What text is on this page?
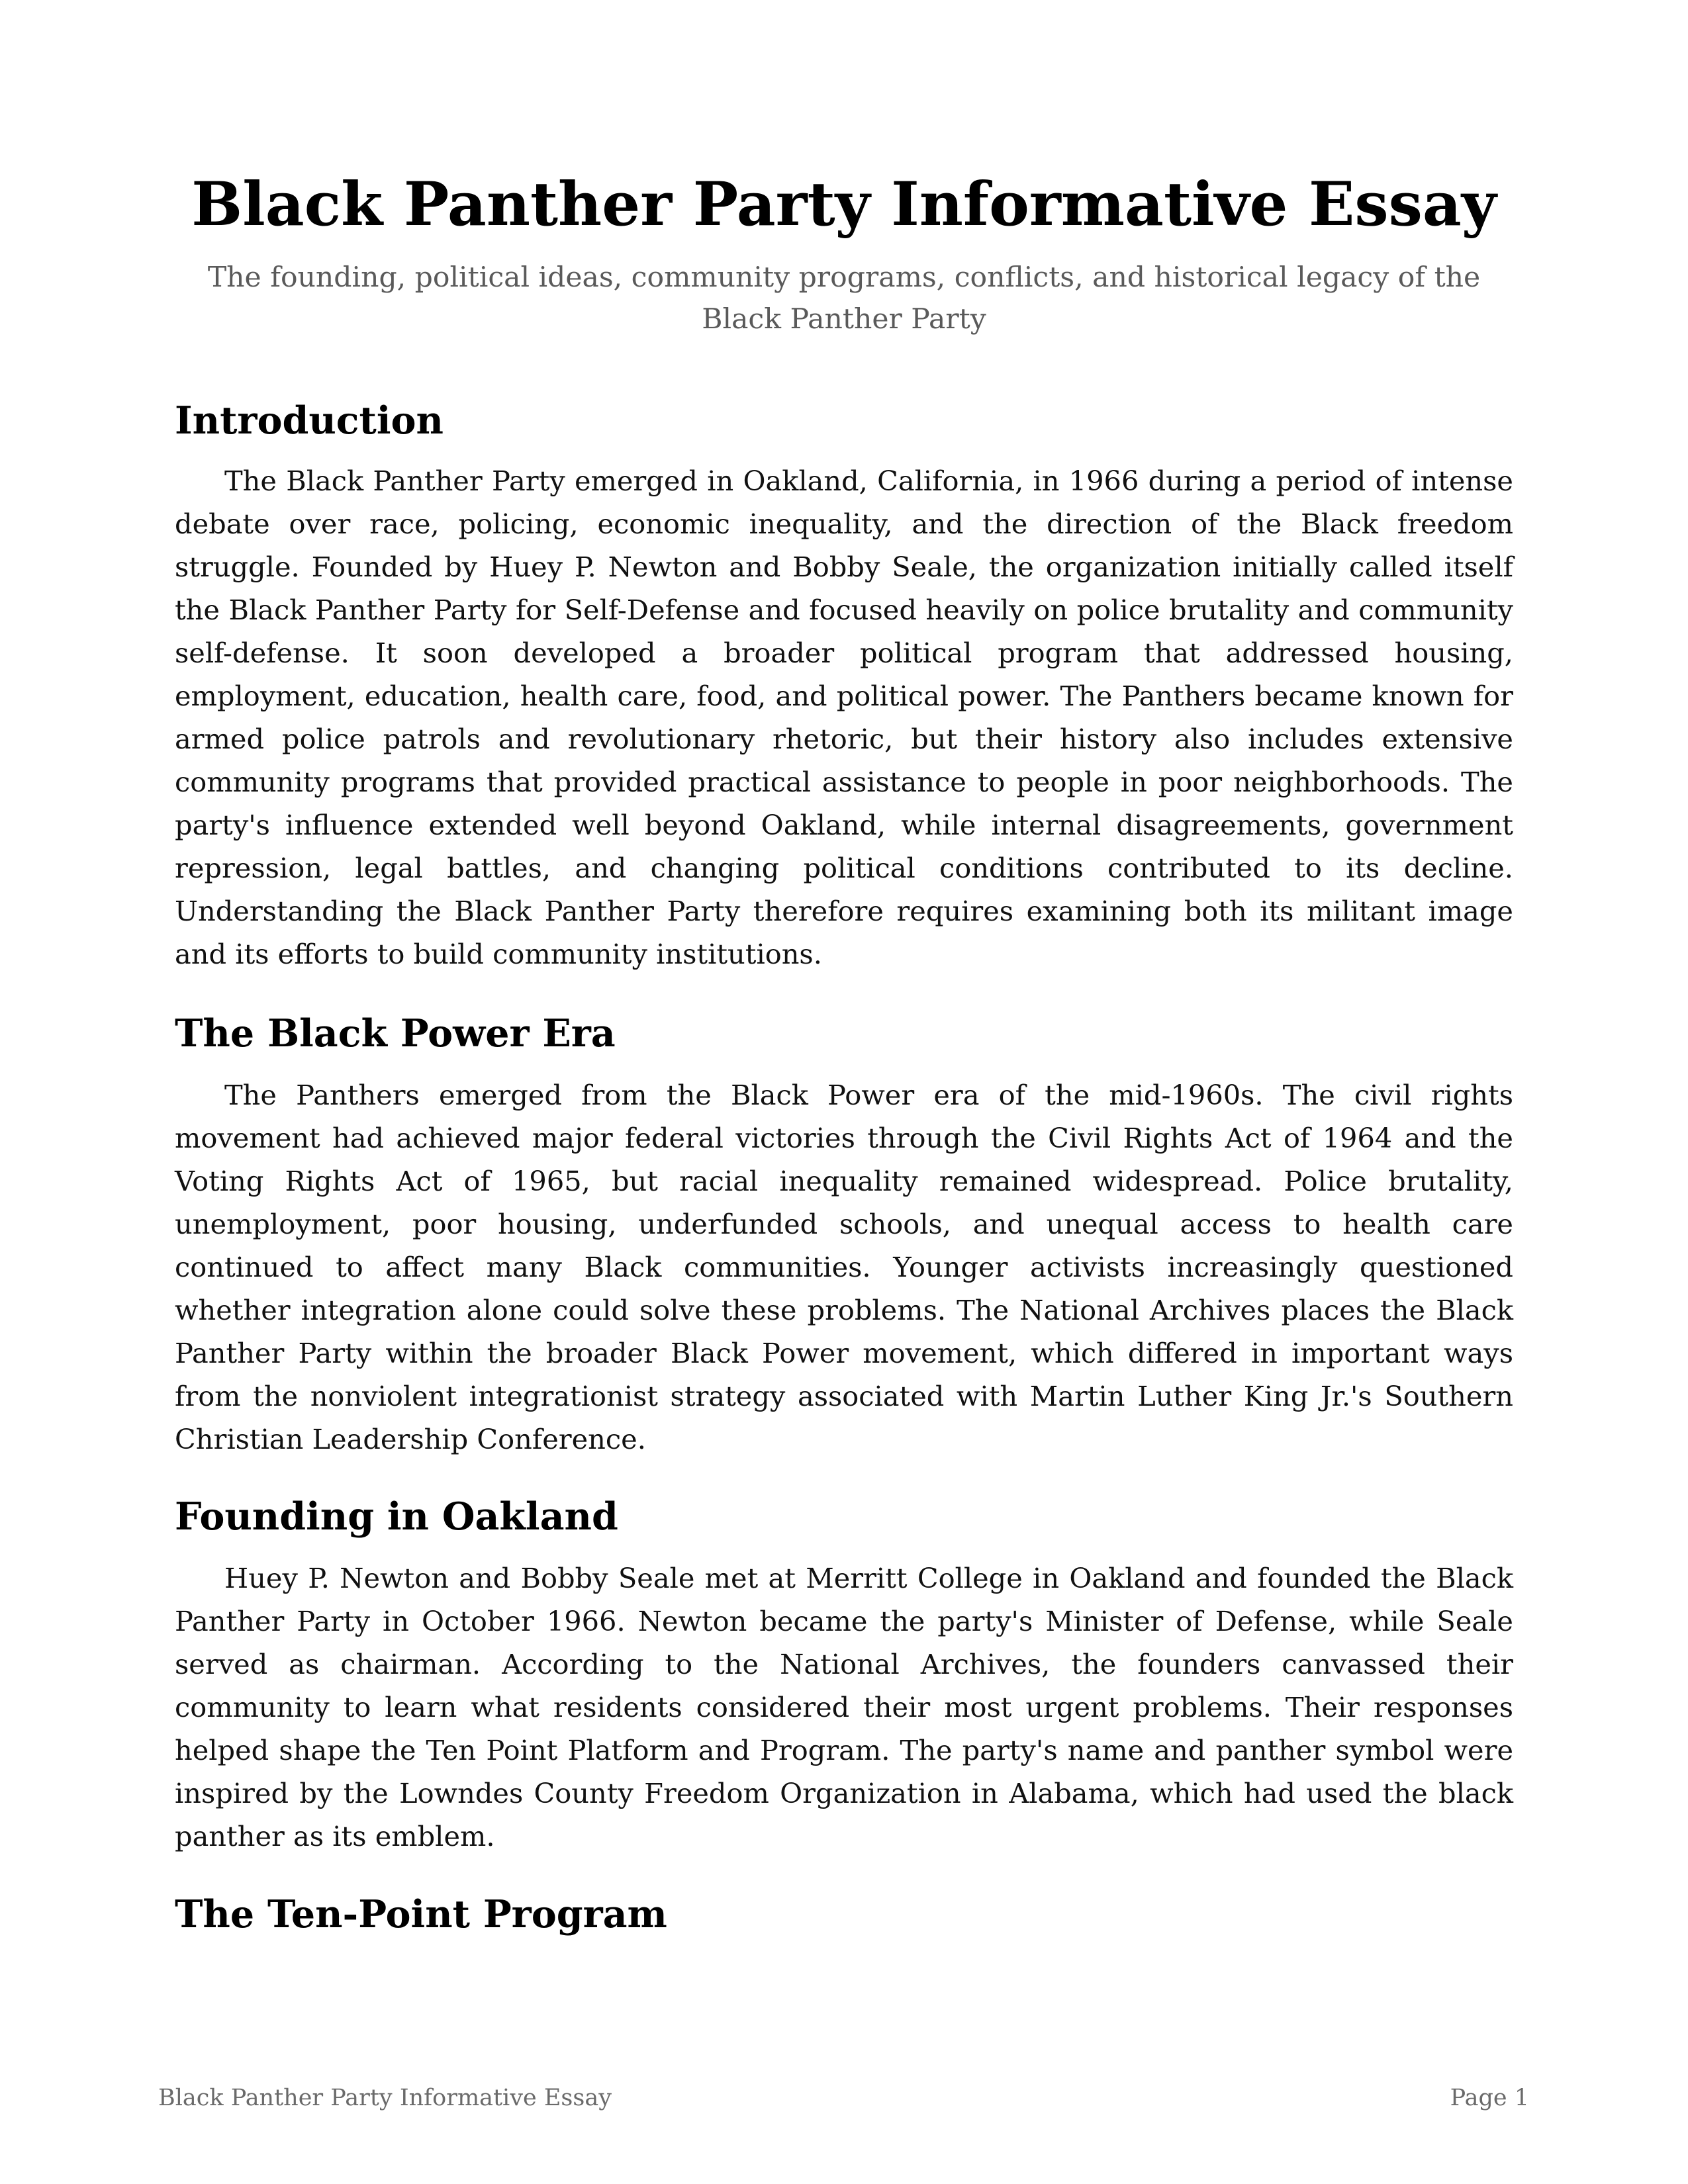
Black Panther Party Informative Essay

The founding, political ideas, community programs, conflicts, and historical legacy of the Black Panther Party

Introduction

The Black Panther Party emerged in Oakland, California, in 1966 during a period of intense debate over race, policing, economic inequality, and the direction of the Black freedom struggle. Founded by Huey P. Newton and Bobby Seale, the organization initially called itself the Black Panther Party for Self-Defense and focused heavily on police brutality and community self-defense. It soon developed a broader political program that addressed housing, employment, education, health care, food, and political power. The Panthers became known for armed police patrols and revolutionary rhetoric, but their history also includes extensive community programs that provided practical assistance to people in poor neighborhoods. The party's influence extended well beyond Oakland, while internal disagreements, government repression, legal battles, and changing political conditions contributed to its decline. Understanding the Black Panther Party therefore requires examining both its militant image and its efforts to build community institutions.

The Black Power Era

The Panthers emerged from the Black Power era of the mid-1960s. The civil rights movement had achieved major federal victories through the Civil Rights Act of 1964 and the Voting Rights Act of 1965, but racial inequality remained widespread. Police brutality, unemployment, poor housing, underfunded schools, and unequal access to health care continued to affect many Black communities. Younger activists increasingly questioned whether integration alone could solve these problems. The National Archives places the Black Panther Party within the broader Black Power movement, which differed in important ways from the nonviolent integrationist strategy associated with Martin Luther King Jr.'s Southern Christian Leadership Conference.

Founding in Oakland

Huey P. Newton and Bobby Seale met at Merritt College in Oakland and founded the Black Panther Party in October 1966. Newton became the party's Minister of Defense, while Seale served as chairman. According to the National Archives, the founders canvassed their community to learn what residents considered their most urgent problems. Their responses helped shape the Ten Point Platform and Program. The party's name and panther symbol were inspired by the Lowndes County Freedom Organization in Alabama, which had used the black panther as its emblem.

The Ten-Point Program
Black Panther Party Informative Essay	Page 1
